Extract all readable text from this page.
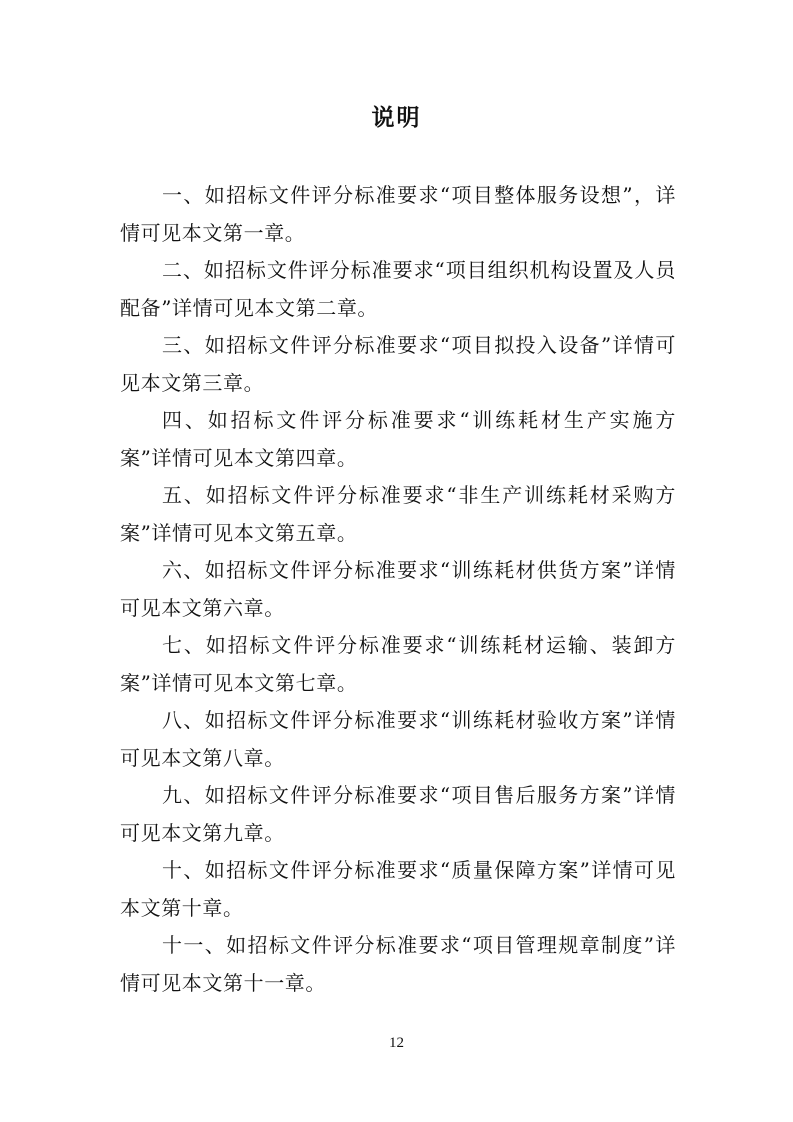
说明

一、如招标文件评分标准要求“项目整体服务设想”，详情可见本文第一章。

二、如招标文件评分标准要求“项目组织机构设置及人员配备”详情可见本文第二章。

三、如招标文件评分标准要求“项目拟投入设备”详情可见本文第三章。

四、如招标文件评分标准要求“训练耗材生产实施方案”详情可见本文第四章。

五、如招标文件评分标准要求“非生产训练耗材采购方案”详情可见本文第五章。

六、如招标文件评分标准要求“训练耗材供货方案”详情可见本文第六章。

七、如招标文件评分标准要求“训练耗材运输、装卸方案”详情可见本文第七章。

八、如招标文件评分标准要求“训练耗材验收方案”详情可见本文第八章。

九、如招标文件评分标准要求“项目售后服务方案”详情可见本文第九章。

十、如招标文件评分标准要求“质量保障方案”详情可见本文第十章。

十一、如招标文件评分标准要求“项目管理规章制度”详情可见本文第十一章。

12
